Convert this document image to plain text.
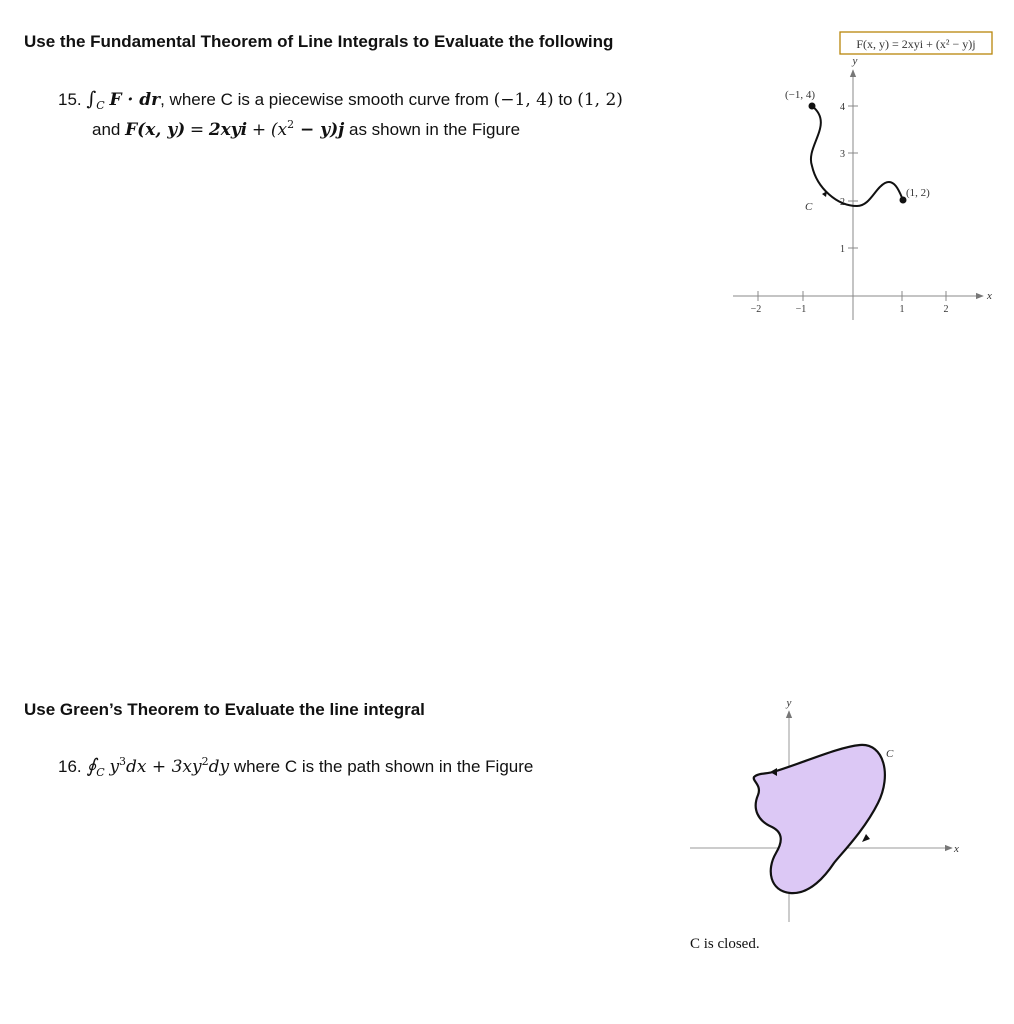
Use the Fundamental Theorem of Line Integrals to Evaluate the following
15. $\int_C$ F · dr, where C is a piecewise smooth curve from (−1, 4) to (1, 2)
and F(x, $y) = 2xyi + (x^2 - y)j$ as shown in the Figure
F(x, y) = 2xyi + (x² − y)j
y
x
−2	−1	1	2
1
2
3
4
(−1, 4)
(1, 2)
C
Use Green’s Theorem to Evaluate the line integral
16. $∮_C$ $y^3dx + 3xy^2dy$ where C is the path shown in the Figure
y
x
C
C is closed.
